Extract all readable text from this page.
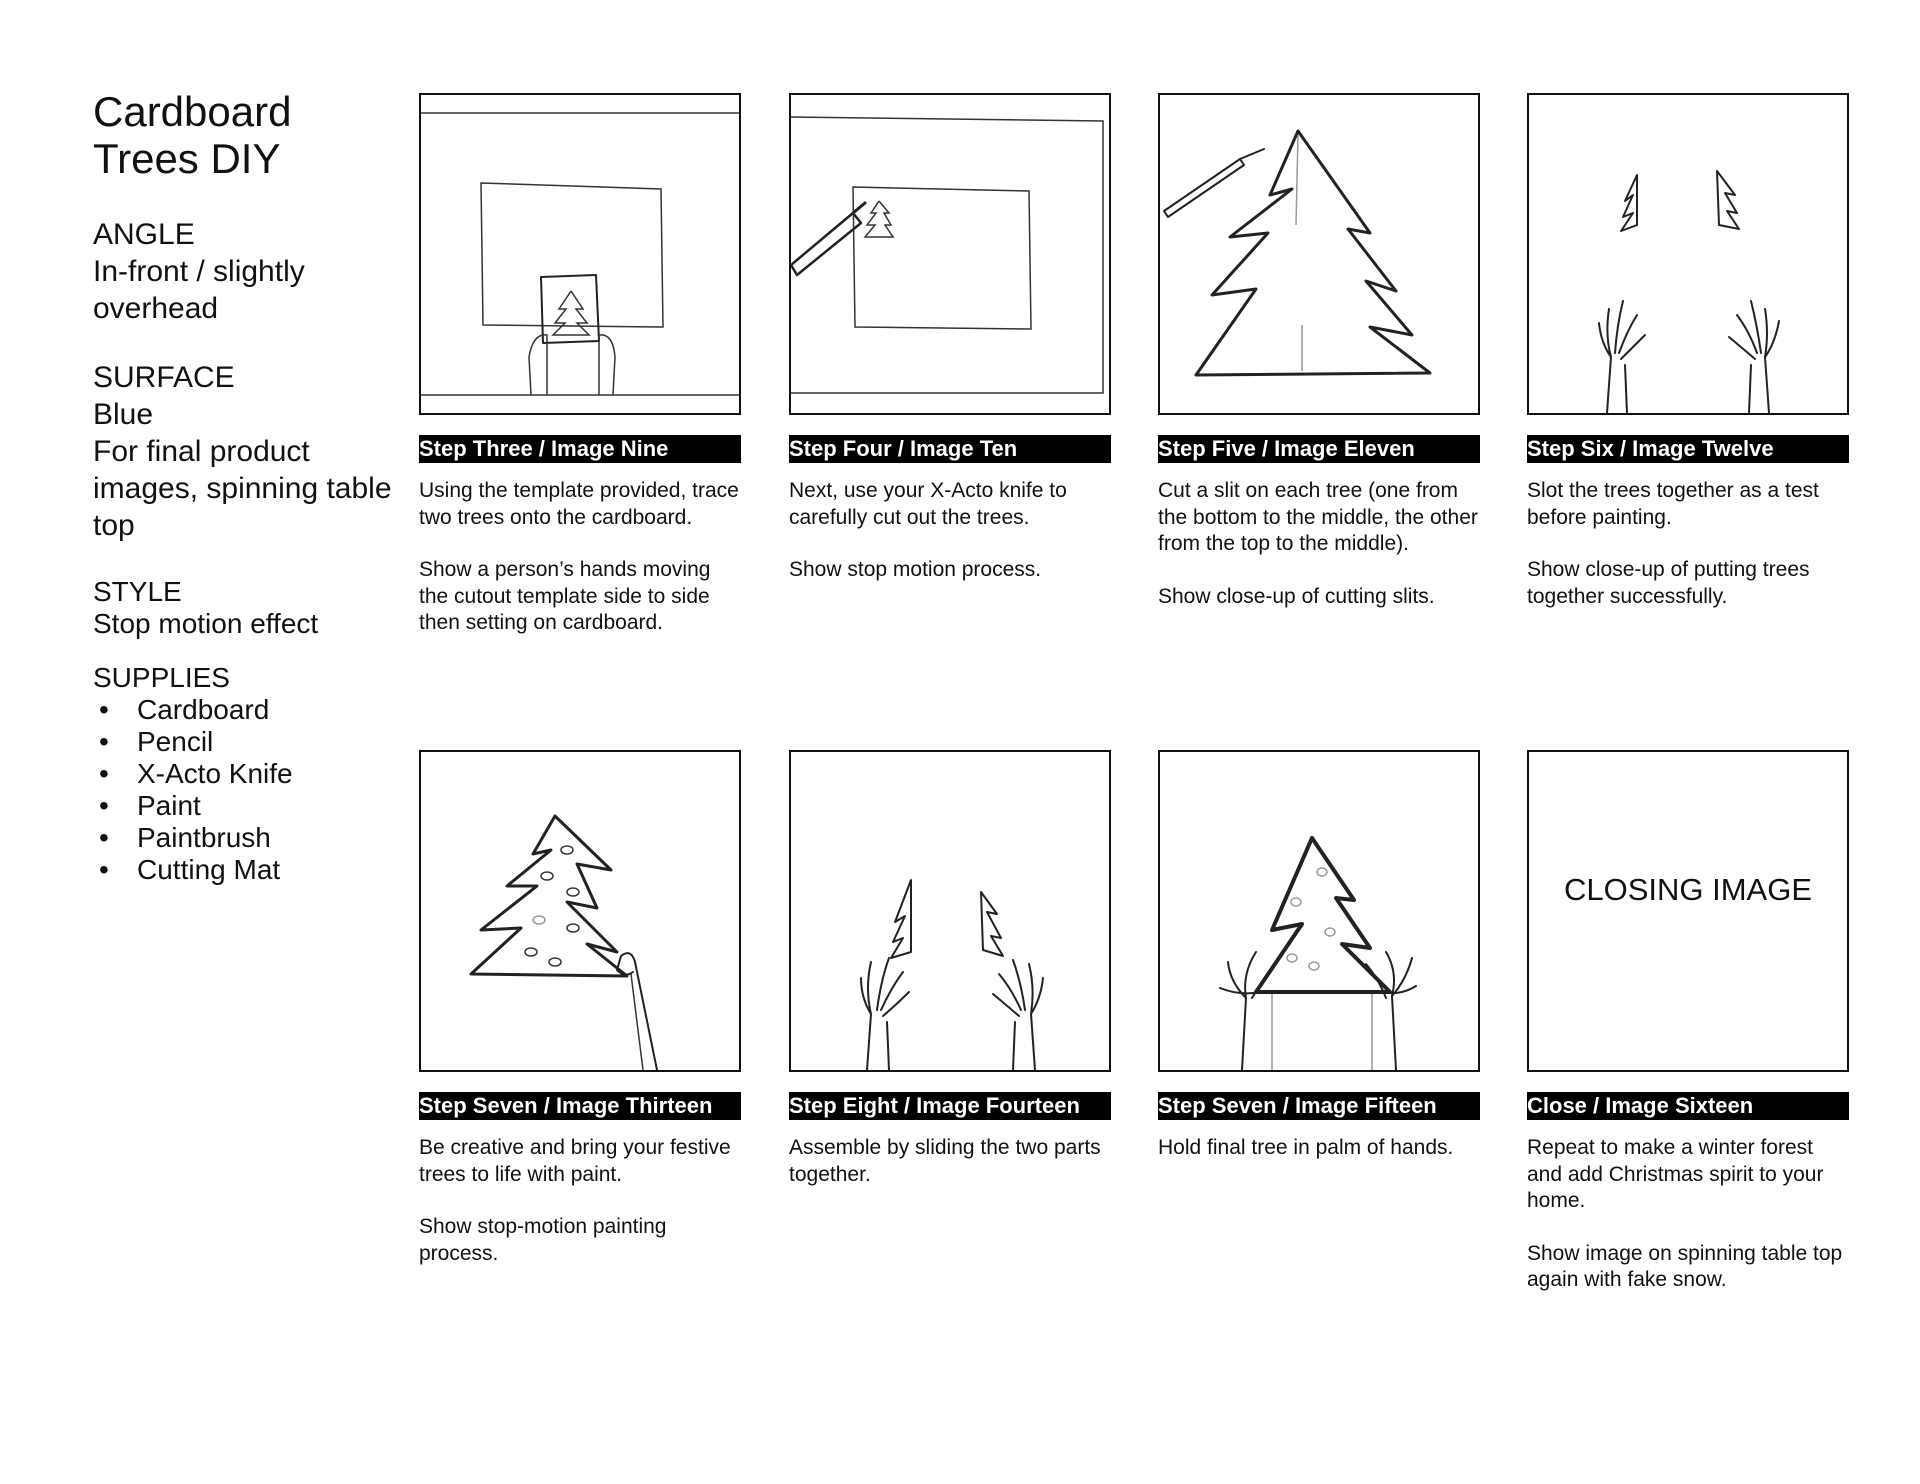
Cardboard Trees DIY
ANGLE
In-front / slightly overhead
SURFACE
Blue
For final product images, spinning table top
STYLE
Stop motion effect
SUPPLIES
• Cardboard
• Pencil
• X-Acto Knife
• Paint
• Paintbrush
• Cutting Mat
Step Three / Image Nine

Using the template provided, trace two trees onto the cardboard.

Show a person’s hands moving the cutout template side to side then setting on cardboard.

Step Four / Image Ten

Next, use your X-Acto knife to carefully cut out the trees.

Show stop motion process.

Step Five / Image Eleven

Cut a slit on each tree (one from the bottom to the middle, the other from the top to the middle).

Show close-up of cutting slits.

Step Six / Image Twelve

Slot the trees together as a test before painting.

Show close-up of putting trees together successfully.

Step Seven / Image Thirteen

Be creative and bring your festive trees to life with paint.

Show stop-motion painting process.

Step Eight / Image Fourteen

Assemble by sliding the two parts together.

Step Seven / Image Fifteen

Hold final tree in palm of hands.

CLOSING IMAGE
Close / Image Sixteen

Repeat to make a winter forest and add Christmas spirit to your home.

Show image on spinning table top again with fake snow.
